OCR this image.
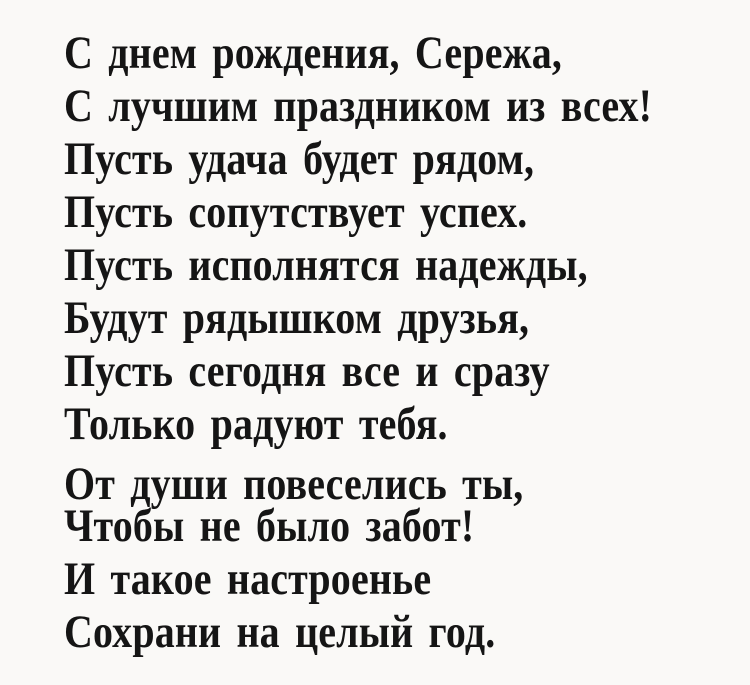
С днем рождения, Сережа,
С лучшим праздником из всех!
Пусть удача будет рядом,
Пусть сопутствует успех.
Пусть исполнятся надежды,
Будут рядышком друзья,
Пусть сегодня все и сразу
Только радуют тебя.
От души повеселись ты,
Чтобы не было забот!
И такое настроенье
Сохрани на целый год.
